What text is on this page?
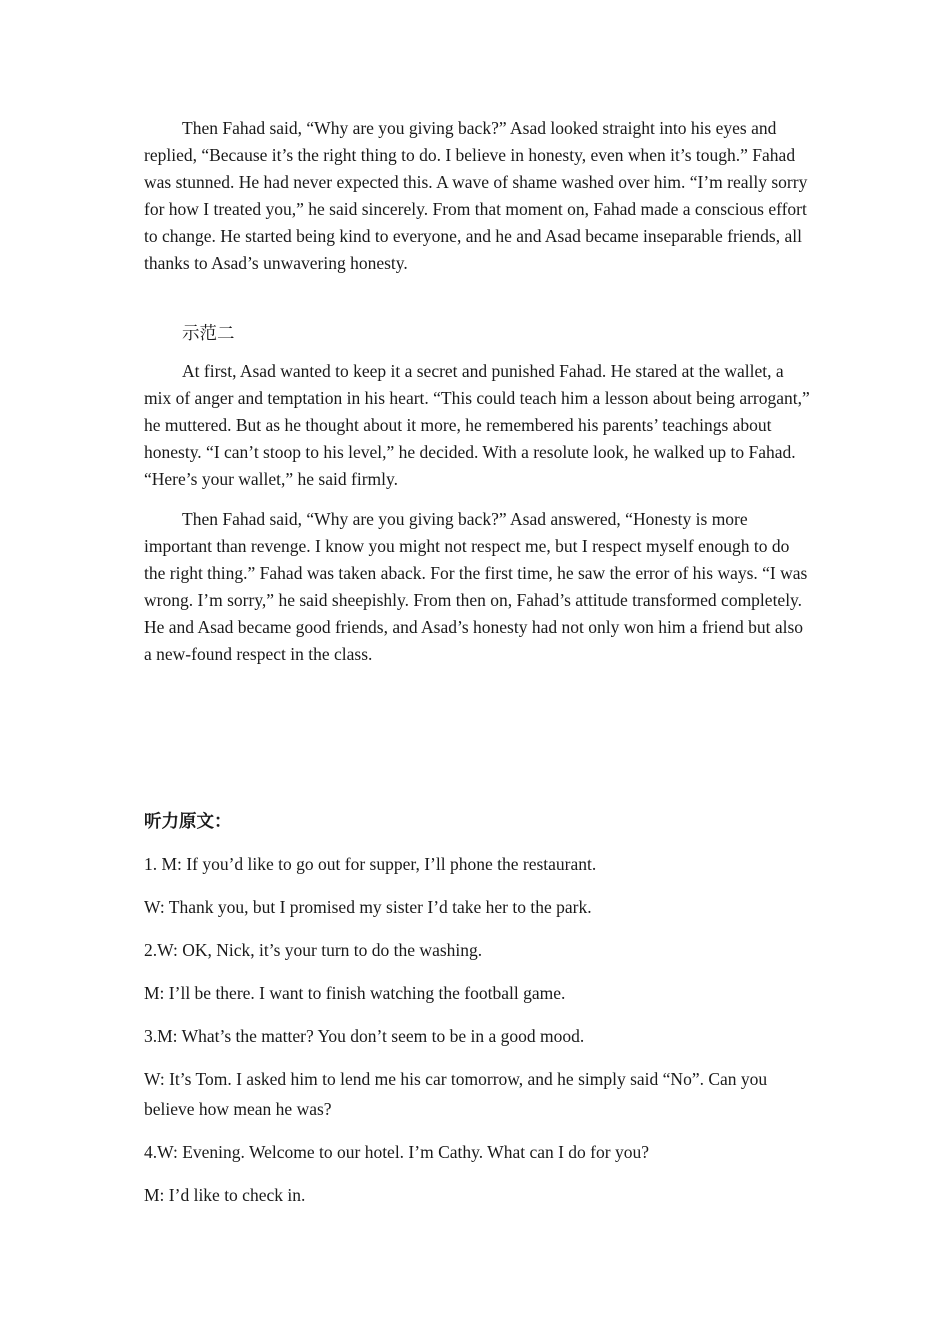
Then Fahad said, “Why are you giving back?” Asad looked straight into his eyes and replied, “Because it’s the right thing to do. I believe in honesty, even when it’s tough.” Fahad was stunned. He had never expected this. A wave of shame washed over him. “I’m really sorry for how I treated you,” he said sincerely. From that moment on, Fahad made a conscious effort to change. He started being kind to everyone, and he and Asad became inseparable friends, all thanks to Asad’s unwavering honesty.

示范二

At first, Asad wanted to keep it a secret and punished Fahad. He stared at the wallet, a mix of anger and temptation in his heart. “This could teach him a lesson about being arrogant,” he muttered. But as he thought about it more, he remembered his parents’ teachings about honesty. “I can’t stoop to his level,” he decided. With a resolute look, he walked up to Fahad. “Here’s your wallet,” he said firmly.

Then Fahad said, “Why are you giving back?” Asad answered, “Honesty is more important than revenge. I know you might not respect me, but I respect myself enough to do the right thing.” Fahad was taken aback. For the first time, he saw the error of his ways. “I was wrong. I’m sorry,” he said sheepishly. From then on, Fahad’s attitude transformed completely. He and Asad became good friends, and Asad’s honesty had not only won him a friend but also a new-found respect in the class.

听力原文：

1. M: If you’d like to go out for supper, I’ll phone the restaurant.

W: Thank you, but I promised my sister I’d take her to the park.

2.W: OK, Nick, it’s your turn to do the washing.

M: I’ll be there. I want to finish watching the football game.

3.M: What’s the matter? You don’t seem to be in a good mood.

W: It’s Tom. I asked him to lend me his car tomorrow, and he simply said “No”. Can you believe how mean he was?

4.W: Evening. Welcome to our hotel. I’m Cathy. What can I do for you?

M: I’d like to check in.
